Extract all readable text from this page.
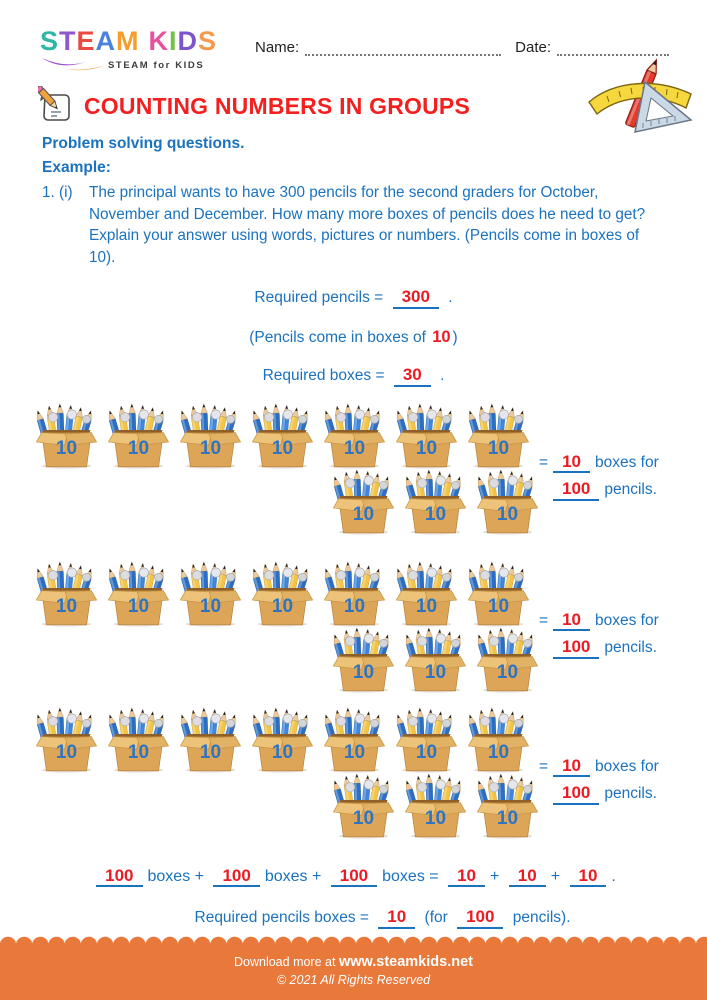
S T E A M K I D S
STEAM for KIDS
Name:	Date:
COUNTING NUMBERS IN GROUPS
Problem solving questions.
Example:
1. (i)	The principal wants to have 300 pencils for the second graders for October, November and December. How many more boxes of pencils does he need to get? Explain your answer using words, pictures or numbers. (Pencils come in boxes of 10).
Required pencils = 300 .
(Pencils come in boxes of 10 )
Required boxes = 30 .
10	10	10	10	10	10	10
10	10	10
= 10 boxes for
100 pencils.
10	10	10	10	10	10	10
10	10	10
= 10 boxes for
100 pencils.
10	10	10	10	10	10	10
10	10	10
= 10 boxes for
100 pencils.
100 boxes + 100 boxes + 100 boxes = 10 + 10 + 10 .
Required pencils boxes = 10 (for 100 pencils).
Download more at www.steamkids.net
© 2021 All Rights Reserved
